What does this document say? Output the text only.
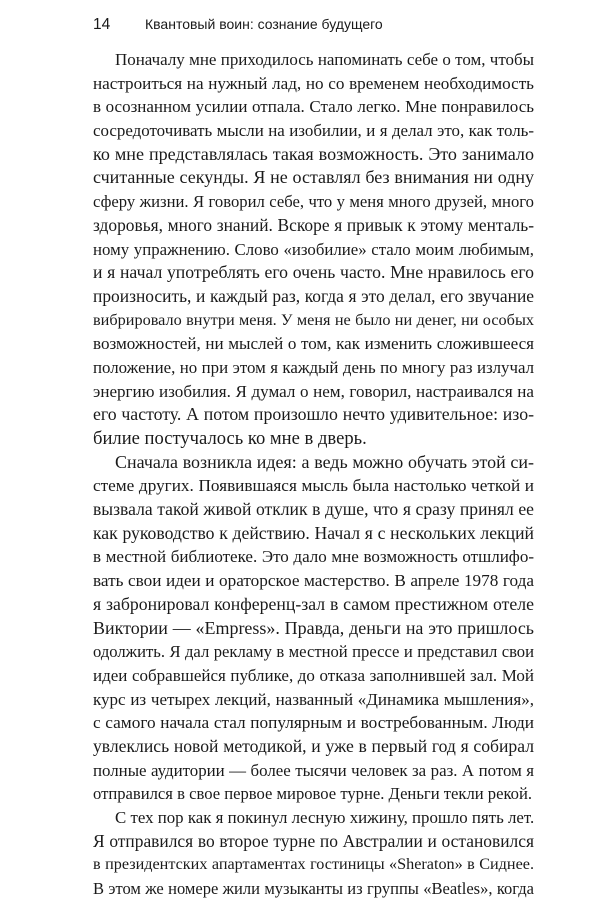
14 Квантовый воин: сознание будущего
Поначалу мне приходилось напоминать себе о том, чтобы
настроиться на нужный лад, но со временем необходимость
в осознанном усилии отпала. Стало легко. Мне понравилось
сосредоточивать мысли на изобилии, и я делал это, как толь-
ко мне представлялась такая возможность. Это занимало
считанные секунды. Я не оставлял без внимания ни одну
сферу жизни. Я говорил себе, что у меня много друзей, много
здоровья, много знаний. Вскоре я привык к этому менталь-
ному упражнению. Слово «изобилие» стало моим любимым,
и я начал употреблять его очень часто. Мне нравилось его
произносить, и каждый раз, когда я это делал, его звучание
вибрировало внутри меня. У меня не было ни денег, ни особых
возможностей, ни мыслей о том, как изменить сложившееся
положение, но при этом я каждый день по многу раз излучал
энергию изобилия. Я думал о нем, говорил, настраивался на
его частоту. А потом произошло нечто удивительное: изо-
билие постучалось ко мне в дверь.
Сначала возникла идея: а ведь можно обучать этой си-
стеме других. Появившаяся мысль была настолько четкой и
вызвала такой живой отклик в душе, что я сразу принял ее
как руководство к действию. Начал я с нескольких лекций
в местной библиотеке. Это дало мне возможность отшлифо-
вать свои идеи и ораторское мастерство. В апреле 1978 года
я забронировал конференц-зал в самом престижном отеле
Виктории — «Empress». Правда, деньги на это пришлось
одолжить. Я дал рекламу в местной прессе и представил свои
идеи собравшейся публике, до отказа заполнившей зал. Мой
курс из четырех лекций, названный «Динамика мышления»,
с самого начала стал популярным и востребованным. Люди
увлеклись новой методикой, и уже в первый год я собирал
полные аудитории — более тысячи человек за раз. А потом я
отправился в свое первое мировое турне. Деньги текли рекой.
С тех пор как я покинул лесную хижину, прошло пять лет.
Я отправился во второе турне по Австралии и остановился
в президентских апартаментах гостиницы «Sheraton» в Сиднее.
В этом же номере жили музыканты из группы «Beatles», когда
